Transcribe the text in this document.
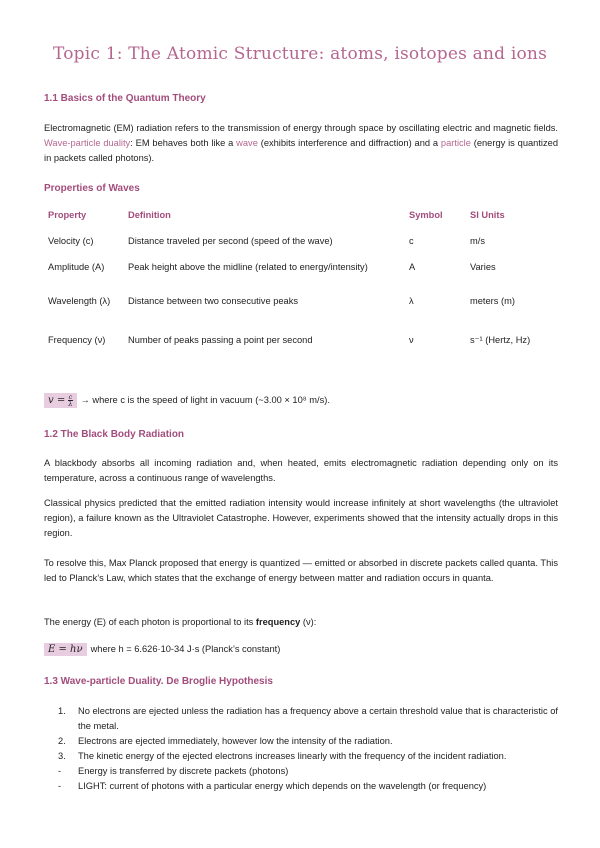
Topic 1: The Atomic Structure: atoms, isotopes and ions
1.1 Basics of the Quantum Theory
Electromagnetic (EM) radiation refers to the transmission of energy through space by oscillating electric and magnetic fields. Wave-particle duality: EM behaves both like a wave (exhibits interference and diffraction) and a particle (energy is quantized in packets called photons).
Properties of Waves
Property	Definition	Symbol	SI Units
Velocity (c)	Distance traveled per second (speed of the wave)	c	m/s
Amplitude (A)	Peak height above the midline (related to energy/intensity)	A	Varies
Wavelength (λ)	Distance between two consecutive peaks	λ	meters (m)
Frequency (ν)	Number of peaks passing a point per second	ν	s⁻¹ (Hertz, Hz)
$v = \frac{c}{\lambda}$ → where c is the speed of light in vacuum (~3.00 × 10⁸ m/s).
1.2 The Black Body Radiation
A blackbody absorbs all incoming radiation and, when heated, emits electromagnetic radiation depending only on its temperature, across a continuous range of wavelengths.
Classical physics predicted that the emitted radiation intensity would increase infinitely at short wavelengths (the ultraviolet region), a failure known as the Ultraviolet Catastrophe. However, experiments showed that the intensity actually drops in this region.
To resolve this, Max Planck proposed that energy is quantized — emitted or absorbed in discrete packets called quanta. This led to Planck’s Law, which states that the exchange of energy between matter and radiation occurs in quanta.
The energy (E) of each photon is proportional to its frequency (ν):
E = hν where h = 6.626·10-34 J·s (Planck’s constant)
1.3 Wave-particle Duality. De Broglie Hypothesis
1. No electrons are ejected unless the radiation has a frequency above a certain threshold value that is characteristic of the metal.
2. Electrons are ejected immediately, however low the intensity of the radiation.
3. The kinetic energy of the ejected electrons increases linearly with the frequency of the incident radiation.
- Energy is transferred by discrete packets (photons)
- LIGHT: current of photons with a particular energy which depends on the wavelength (or frequency)
